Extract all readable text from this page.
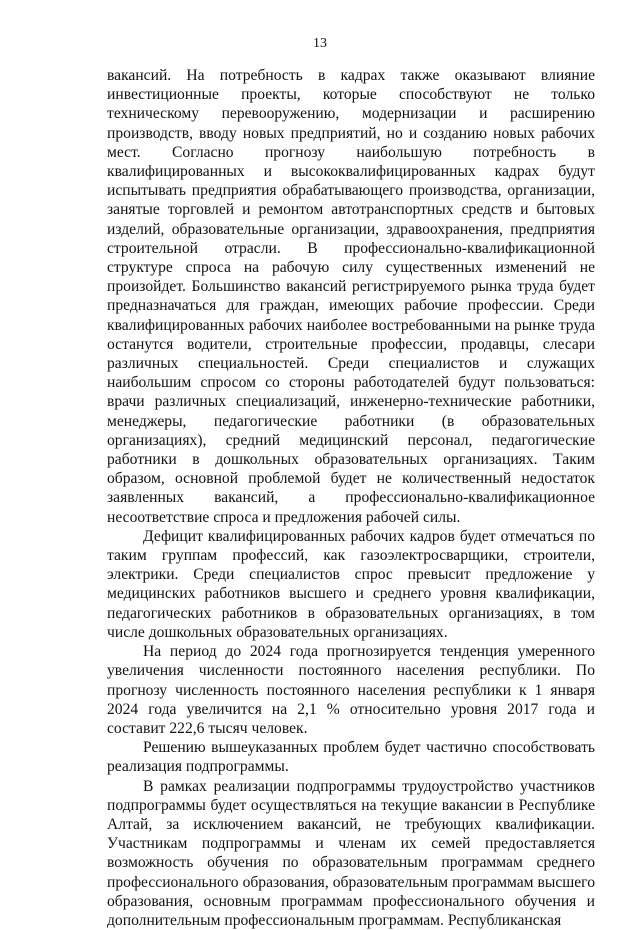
13

вакансий. На потребность в кадрах также оказывают влияние инвестиционные проекты, которые способствуют не только техническому перевооружению, модернизации и расширению производств, вводу новых предприятий, но и созданию новых рабочих мест. Согласно прогнозу наибольшую потребность в квалифицированных и высококвалифицированных кадрах будут испытывать предприятия обрабатывающего производства, организации, занятые торговлей и ремонтом автотранспортных средств и бытовых изделий, образовательные организации, здравоохранения, предприятия строительной отрасли. В профессионально-квалификационной структуре спроса на рабочую силу существенных изменений не произойдет. Большинство вакансий регистрируемого рынка труда будет предназначаться для граждан, имеющих рабочие профессии. Среди квалифицированных рабочих наиболее востребованными на рынке труда останутся водители, строительные профессии, продавцы, слесари различных специальностей. Среди специалистов и служащих наибольшим спросом со стороны работодателей будут пользоваться: врачи различных специализаций, инженерно-технические работники, менеджеры, педагогические работники (в образовательных организациях), средний медицинский персонал, педагогические работники в дошкольных образовательных организациях. Таким образом, основной проблемой будет не количественный недостаток заявленных вакансий, а профессионально-квалификационное несоответствие спроса и предложения рабочей силы.

Дефицит квалифицированных рабочих кадров будет отмечаться по таким группам профессий, как газоэлектросварщики, строители, электрики. Среди специалистов спрос превысит предложение у медицинских работников высшего и среднего уровня квалификации, педагогических работников в образовательных организациях, в том числе дошкольных образовательных организациях.

На период до 2024 года прогнозируется тенденция умеренного увеличения численности постоянного населения республики. По прогнозу численность постоянного населения республики к 1 января 2024 года увеличится на 2,1 % относительно уровня 2017 года и составит 222,6 тысяч человек.

Решению вышеуказанных проблем будет частично способствовать реализация подпрограммы.

В рамках реализации подпрограммы трудоустройство участников подпрограммы будет осуществляться на текущие вакансии в Республике Алтай, за исключением вакансий, не требующих квалификации. Участникам подпрограммы и членам их семей предоставляется возможность обучения по образовательным программам среднего профессионального образования, образовательным программам высшего образования, основным программам профессионального обучения и дополнительным профессиональным программам. Республиканская
